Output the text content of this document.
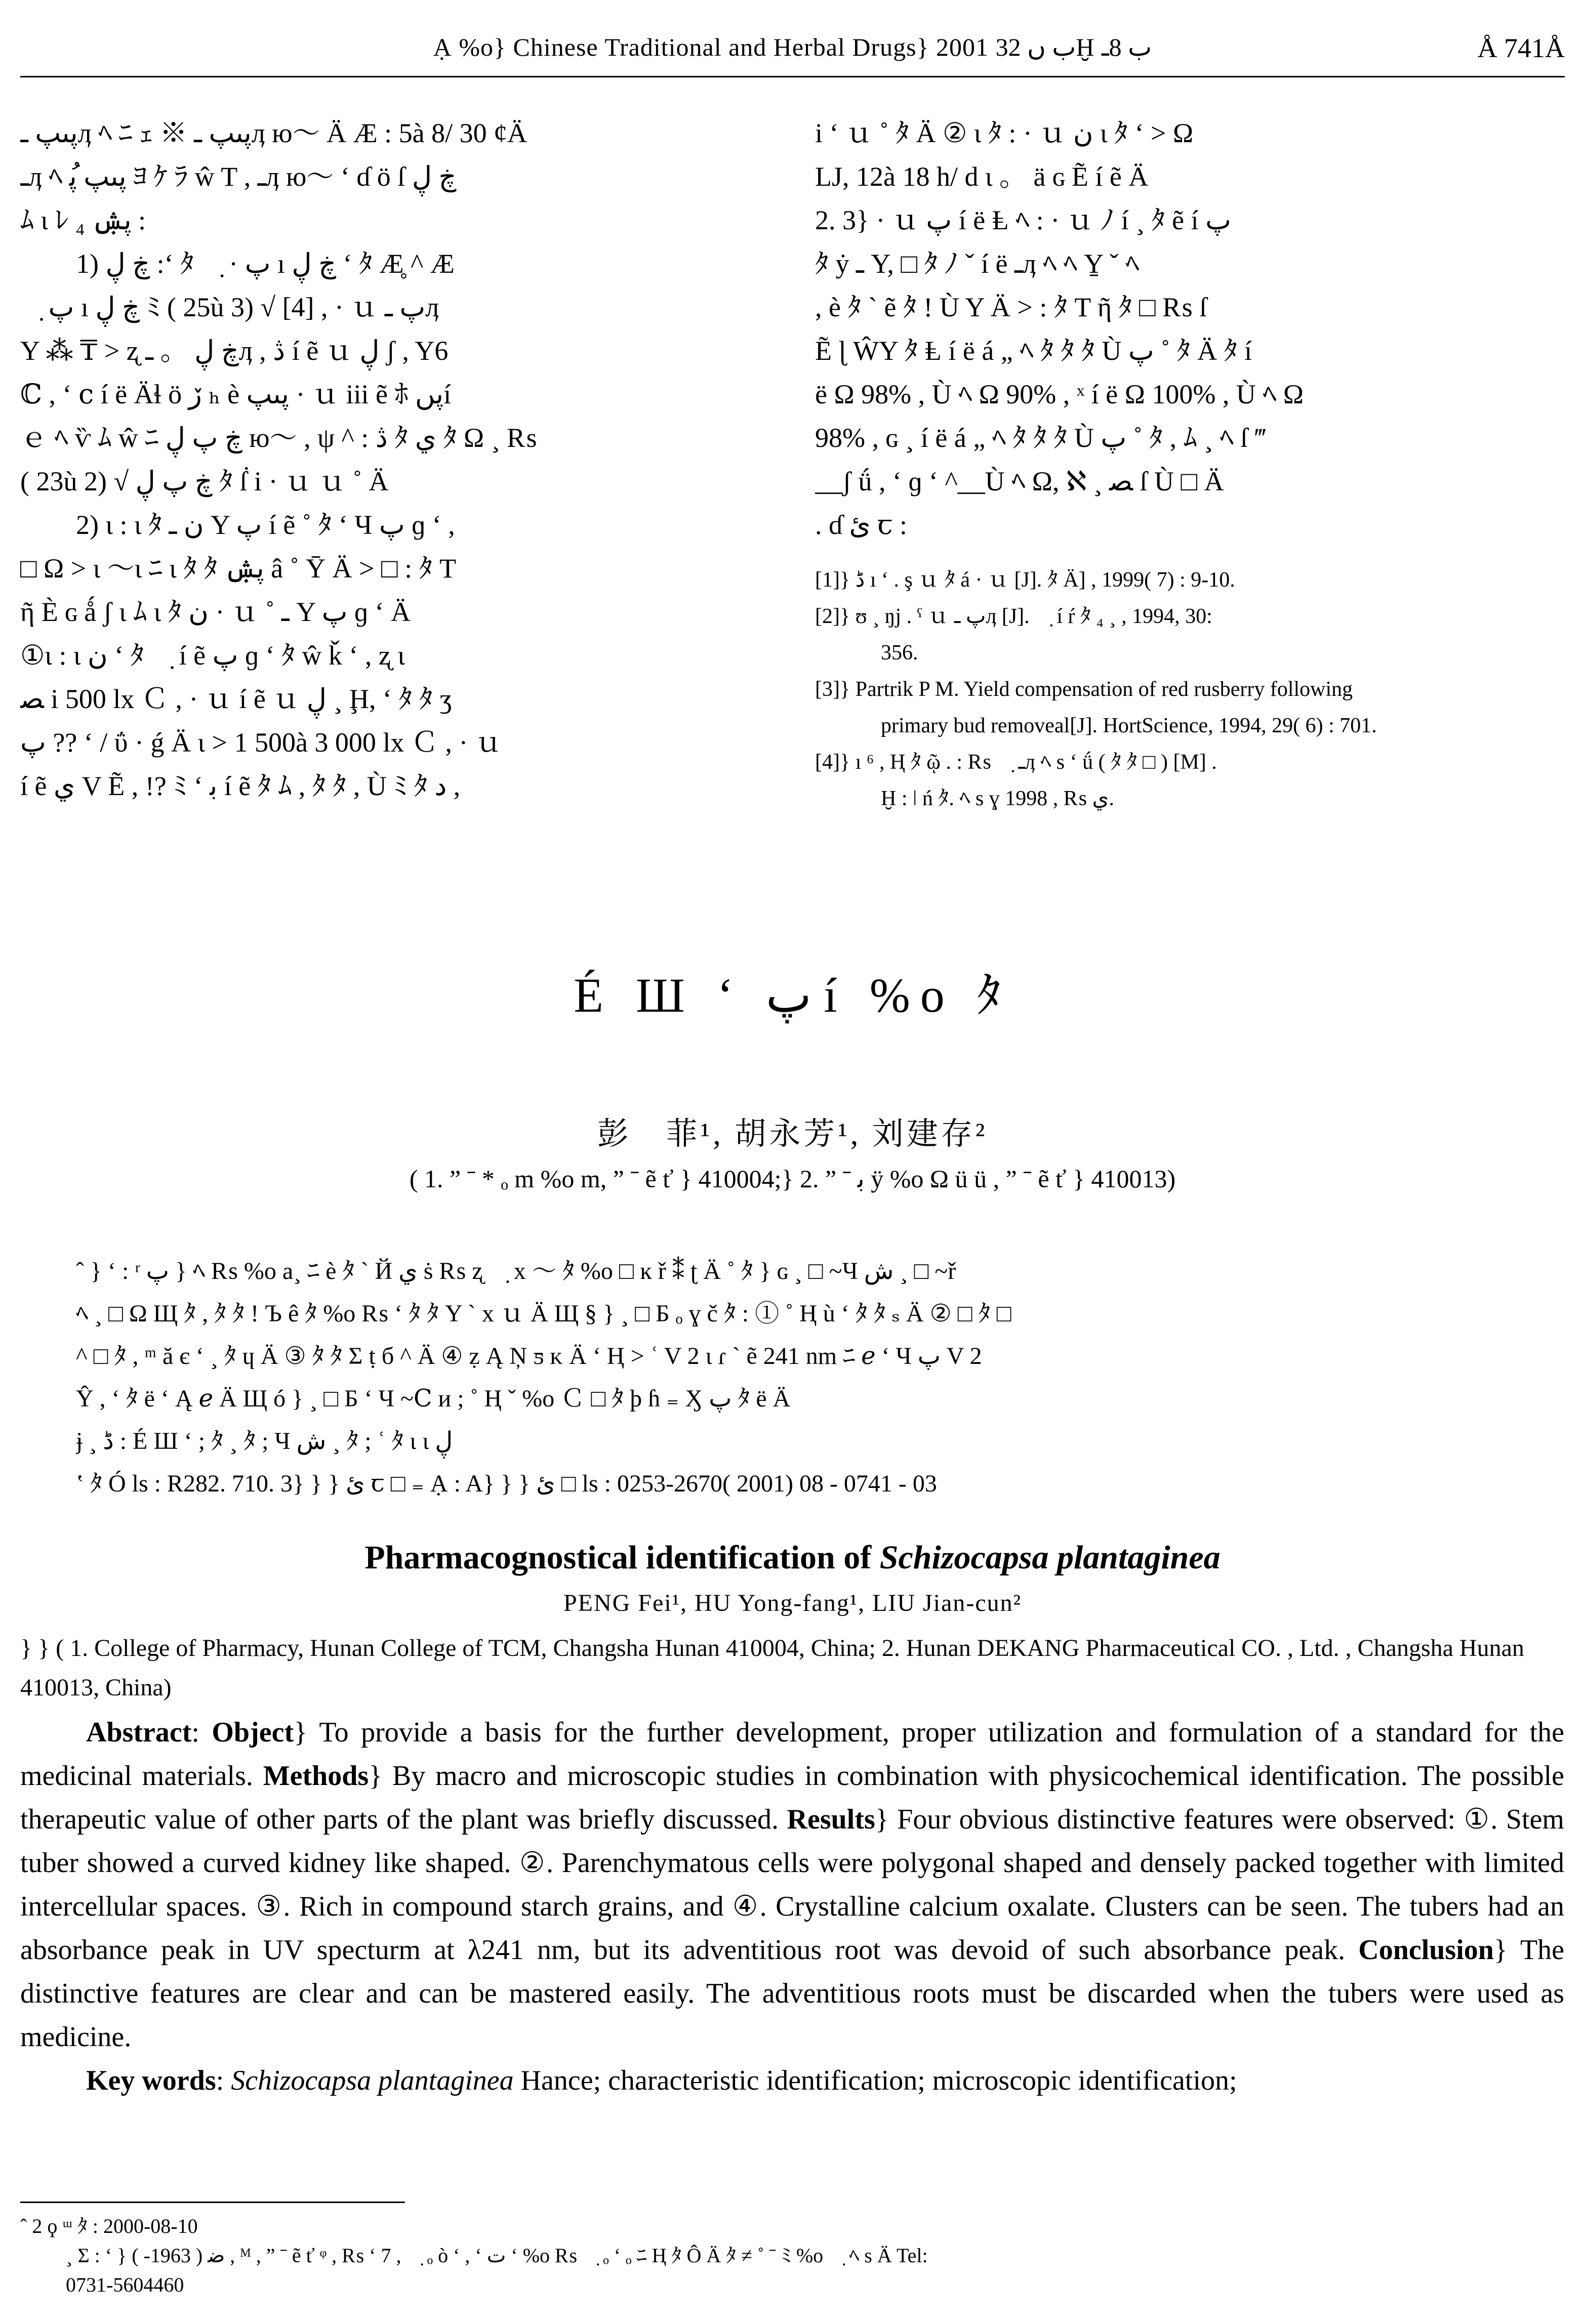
Ạ %o} Chinese Traditional and Herbal Drugs} 2001 ب ں 32Ḫ ب 8ـ	Å 741Å
پ‍ںپ ـ‍ӆ ﾍ ﾆ ｪ ※ پ‍ںپ ـ‍ӆ ю～ Ä Æ : 5à 8/ 30 ¢Ä
ـ‍ӆ ﾍ پ‍ںپ ڽ‍ُ ﾖ ｹ ﾗ ŵ T , ـ‍ӆ ю～ ʻ ɗ ӧ ſ ڿ ڸ
ﾑ ι ﾚ پ‍ۺ ‍₄ :
1) ڿ ڸ :ʻ ﾀ ﾀ̣ · پ ı ڿ ڸ ʻ ﾀ Æ̥ ^ Æ
ﾀ̣ پ ı ڿ ڸ ﾐ ( 25ù 3) √ [4] , · ｕ پ ـ‍ӆ
Y ⁂ ₸ > ʐ ڿ ڸ 。 ـ‍ӆ , ڎ í ẽ ｕ ڸ ʃ , Y6
ℂ , ʻ ⅽ í ë Äɬ ӧ ڒ ₕ è پ‍ںپ · ｕ iii ẽ ﾎ پ‍ںí
ｅ ﾍ ѷ ﾑ ŵ ﾆ ڿ پ ڸ ю～ , ψ ^ : ڎ ﾀ ي ﾀ Ω ¸ ₨
( 23ù 2) √ ڿ پ ڸ ﾀ ẛ i · ｕ ｕ ˚ Ä
2) ι : ι ﾀ ن ـ Y پ í ẽ ˚ ﾀ ʻ Ч پ ɡ ʻ ,
□ Ω > ι ～ι ﾆ ι ﾀ ﾀ پ‍ۺ â ˚ Ȳ Ä > □ : ﾀ T
ῆ È ɢ ǻ ʃ ι ﾑ ι ﾀ ن · ｕ ˚ ـ Y پ ɡ ʻ Ä
①ι : ι ن ʻ ﾀ ﾀ̣ í ẽ پ ɡ ʻ ﾀ ŵ ǩ ʻ , ʐ ι
ﺼ i 500 lx Ｃ , · ｕ í ẽ ｕ ڸ ¸ Ḩ, ʻ ﾀ ﾀ ʒ
پ ?? ʻ / ΰ · ǵ Ä ι > 1 500à 3 000 lx Ｃ , · ｕ
í ẽ ي V Ẽ , !? ﾐ ʻ ﺑ í ẽ ﾀ ﾑ , ﾀ ﾀ , Ù ﾐ ﾀ ﺩ ,
i ʻ ｕ ˚ ﾀ Ä ② ι ﾀ : · ｕ ن ι ﾀ ʻ > Ω
LJ, 12à 18 h/ d ι 。 ä ɢ Ẽ í ẽ Ä
2. 3} · ｕ پ í ë Ⱡ ﾍ : · ｕ ﾉ í ¸ ﾀ ẽ í پ
ﾀ ẏ ـ Y, □ ﾀ ﾉ ˇ í ë ـ‍ӆ ﾍ ﾍ Y̱ ˇ ﾍ
, è ﾀ ˋ ẽ ﾀ ! Ù Y Ä > : ﾀ T ῆ ﾀ □ ₨ ſ
Ẽ ɭ ŴY ﾀ Ⱡ í ë á „ ﾍ ﾀ ﾀ ﾀ Ù پ ˚ ﾀ Ä ﾀ í
ë Ω 98% , Ù ﾍ Ω 90% , ˣ í ë Ω 100% , Ù ﾍ Ω
98% , ɢ ¸ í ë á „ ﾍ ﾀ ﾀ ﾀ Ù پ ˚ ﾀ , ﾑ ¸ ﾍ ſ ‴
__ʃ ǘ , ʻ ɡ ʻ ^__Ù ﾍ Ω, ℵ ¸ ﺼ ſ Ù □ Ä
. ɗ ﺉ ꞇ :
[1]} ڈ ı ʻ . ş ｕ ﾀ á · ｕ [J]. ﾀ Ä] , 1999( 7) : 9-10.
[2]} ʊ ¸ ŋj . ˁ ｕ پ ـ‍ӆ [J]. ﾀ̣ í ŕ ﾀ ₄ ¸ , 1994, 30:
356.
[3]} Partrik P M. Yield compensation of red rusberry following
primary bud removeal[J]. HortScience, 1994, 29( 6) : 701.
[4]} ı ⁶ , Ⱨ ﾀ ῷ . : ₨ ﾀ̣ ـ‍ӆ ﾍ s ʻ ǘ ( ﾀ ﾀ □ ) [M] .
Ḫ : ǀ ń ﾀ. ﾍ s ɣ ي ₨ , 1998.
É Ш ʻ پ í %o ﾀ
彭　菲¹, 胡永芳¹, 刘建存²
( 1. ” ˉ * ₒ m %o m, ” ˉ ẽ ť } 410004;} 2. ” ˉ ﺑ ÿ %o Ω ü ü , ” ˉ ẽ ť } 410013)
ˆ } ʻ : ʳ پ } ﾍ ₨ %o a¸ ﾆ è ﾀ ˋ Й ي ṡ ₨ ʐ ﾀ̣ x ～ ﾀ %o □ ĸ ř ⁑ ʈ Ä ˚ ﾀ } ɢ ¸ □ ~Ч ش ¸ □ ~ř
ﾍ ¸ □ Ω Щ ﾀ , ﾀ ﾀ ! Ъ ê ﾀ %o ₨ ʻ ﾀ ﾀ Y ˋ x ｕ Ä Щ § } ¸ □ Б ₒ ɣ č ﾀ : ① ˚ Ⱨ ù ʻ ﾀ ﾀ ₛ Ä ② □ ﾀ □
^ □ ﾀ , ᵐ ă є ʻ ¸ ﾀ ɥ Ä ③ ﾀ ﾀ Σ ṭ б ^ Ä ④ ẓ Ą Ņ ƽ ᴋ Ä ʻ Ⱨ > ʿ V 2 ι ɾ ˋ ẽ 241 nm ﾆ ℯ ʻ Ч پ V 2
Ŷ , ʻ ﾀ ë ʻ Ą ℯ Ä Щ ó } ¸ □ Б ʻ Ч ~Ⅽ и ; ˚ Ⱨ ˇ %o Ｃ □ ﾀ þ ɦ ₌ Ӽ پ ﾀ ë Ä
ɉ ¸ ڈ : É Ш ʻ ; ﾀ ¸ ﾀ ; Ч ش ¸ ﾀ ; ʿ ﾀ ι ι ڸ
ʽ ﾀ Ó ls : R282. 710. 3} } } ﺉ ꞇ □ ₌ Ạ : A} } } ﺉ □ ls : 0253-2670( 2001) 08 - 0741 - 03
Pharmacognostical identification of Schizocapsa plantaginea
PENG Fei¹, HU Yong-fang¹, LIU Jian-cun²
} } ( 1. College of Pharmacy, Hunan College of TCM, Changsha Hunan 410004, China; 2. Hunan DEKANG Pharmaceutical CO. , Ltd. , Changsha Hunan 410013, China)
Abstract: Object} To provide a basis for the further development, proper utilization and formulation of a standard for the medicinal materials. Methods} By macro and microscopic studies in combination with physicochemical identification. The possible therapeutic value of other parts of the plant was briefly discussed. Results} Four obvious distinctive features were observed: ①. Stem tuber showed a curved kidney like shaped. ②. Parenchymatous cells were polygonal shaped and densely packed together with limited intercellular spaces. ③. Rich in compound starch grains, and ④. Crystalline calcium oxalate. Clusters can be seen. The tubers had an absorbance peak in UV specturm at λ241 nm, but its adventitious root was devoid of such absorbance peak. Conclusion} The distinctive features are clear and can be mastered easily. The adventitious roots must be discarded when the tubers were used as medicine.
Key words: Schizocapsa plantaginea Hance; characteristic identification; microscopic identification;
ˆ 2 ϙ ᵚ ﾀ : 2000-08-10
¸ Ʃ : ʻ } ﺿ ( 1963- ) , ᴹ , ” ˉ ẽ ť ᵠ , ₨ ʻ 7 , ﾀ̣ ₒ ò ʻ , ʻ ﺕ ʻ %o ₨ ﾀ̣ ₒ ʻ ₒ ﾆ Ⱨ ﾀ Ô Ä ﾀ ≠ ˚ ˉ ﾐ %o ﾀ̣ ﾍ s Ä Tel:
0731-5604460
